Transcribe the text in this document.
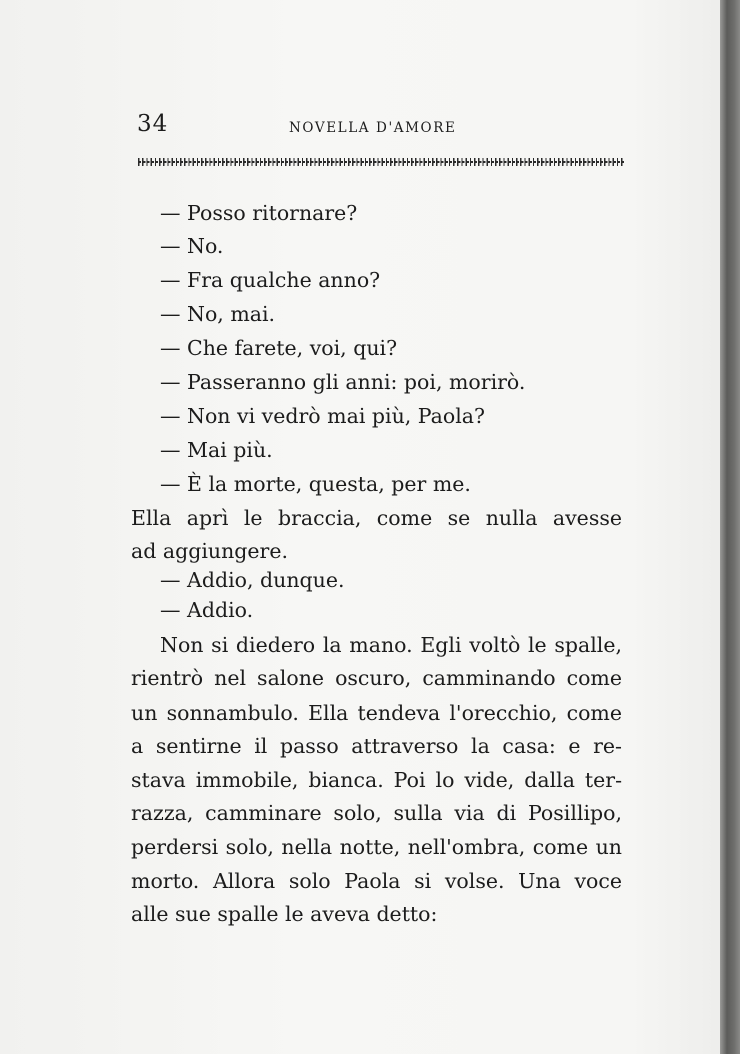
34	NOVELLA D'AMORE
— Posso ritornare?
— No.
— Fra qualche anno?
— No, mai.
— Che farete, voi, qui?
— Passeranno gli anni: poi, morirò.
— Non vi vedrò mai più, Paola?
— Mai più.
— È la morte, questa, per me.
Ella aprì le braccia, come se nulla avesse
ad aggiungere.
— Addio, dunque.
— Addio.
Non si diedero la mano. Egli voltò le spalle,
rientrò nel salone oscuro, camminando come
un sonnambulo. Ella tendeva l'orecchio, come
a sentirne il passo attraverso la casa: e re-
stava immobile, bianca. Poi lo vide, dalla ter-
razza, camminare solo, sulla via di Posillipo,
perdersi solo, nella notte, nell'ombra, come un
morto. Allora solo Paola si volse. Una voce
alle sue spalle le aveva detto:
